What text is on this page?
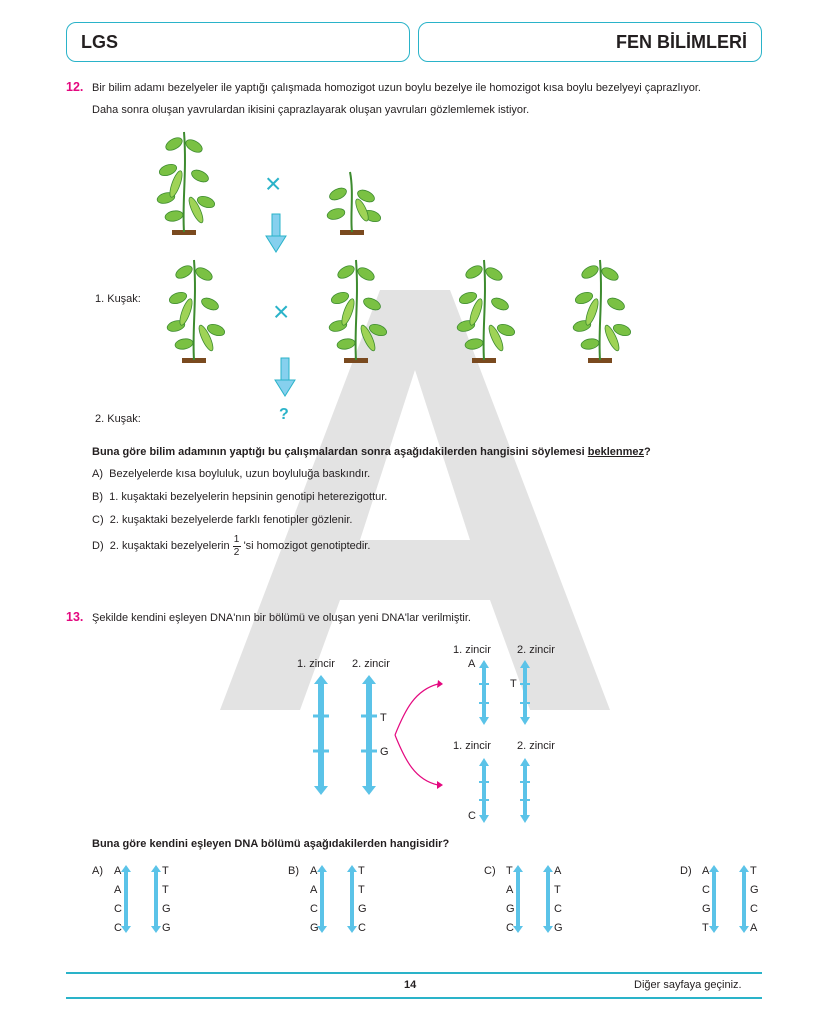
LGS	FEN BİLİMLERİ
12. Bir bilim adamı bezelyeler ile yaptığı çalışmada homozigot uzun boylu bezelye ile homozigot kısa boylu bezelyeyi çaprazlıyor.
Daha sonra oluşan yavrulardan ikisini çaprazlayarak oluşan yavruları gözlemlemek istiyor.
×
×
?
1. Kuşak:
2. Kuşak:
Buna göre bilim adamının yaptığı bu çalışmalardan sonra aşağıdakilerden hangisini söylemesi beklenmez?
A) Bezelyelerde kısa boyluluk, uzun boyluluğa baskındır.
B) 1. kuşaktaki bezelyelerin hepsinin genotipi heterezigottur.
C) 2. kuşaktaki bezelyelerde farklı fenotipler gözlenir.
D) 2. kuşaktaki bezelyelerin $\frac{1}{2}$ 'si homozigot genotiptedir.
13. Şekilde kendini eşleyen DNA'nın bir bölümü ve oluşan yeni DNA'lar verilmiştir.
1. zincir 2. zincir
T
G
1. zincir 2. zincir
A
T
1. zincir 2. zincir
C
Buna göre kendini eşleyen DNA bölümü aşağıdakilerden hangisidir?
A) A	T
A	T
C	G
C	G
B) A	T
A	T
C	G
G	C
C) T	A
A	T
G	C
C	G
D) A	T
C	G
G	C
T	A
14	Diğer sayfaya geçiniz.
